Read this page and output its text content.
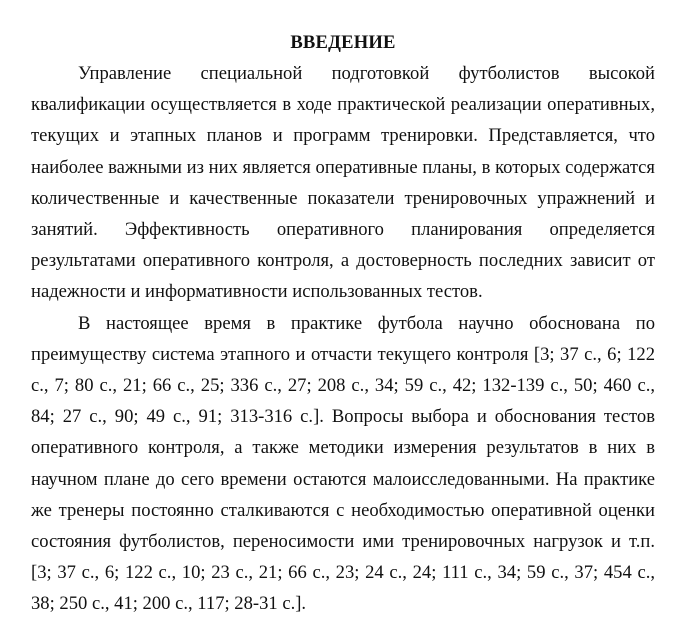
ВВЕДЕНИЕ

Управление специальной подготовкой футболистов высокой квалификации осуществляется в ходе практической реализации оперативных, текущих и этапных планов и программ тренировки. Представляется, что наиболее важными из них является оперативные планы, в которых содержатся количественные и качественные показатели тренировочных упражнений и занятий. Эффективность оперативного планирования определяется результатами оперативного контроля, а достоверность последних зависит от надежности и информативности использованных тестов.

В настоящее время в практике футбола научно обоснована по преимуществу система этапного и отчасти текущего контроля [3; 37 с., 6; 122 с., 7; 80 с., 21; 66 с., 25; 336 с., 27; 208 с., 34; 59 с., 42; 132-139 с., 50; 460 с., 84; 27 с., 90; 49 с., 91; 313-316 с.]. Вопросы выбора и обоснования тестов оперативного контроля, а также методики измерения результатов в них в научном плане до сего времени остаются малоисследованными. На практике же тренеры постоянно сталкиваются с необходимостью оперативной оценки состояния футболистов, переносимости ими тренировочных нагрузок и т.п. [3; 37 с., 6; 122 с., 10; 23 с., 21; 66 с., 23; 24 с., 24; 111 с., 34; 59 с., 37; 454 с., 38; 250 с., 41; 200 с., 117; 28-31 с.].
